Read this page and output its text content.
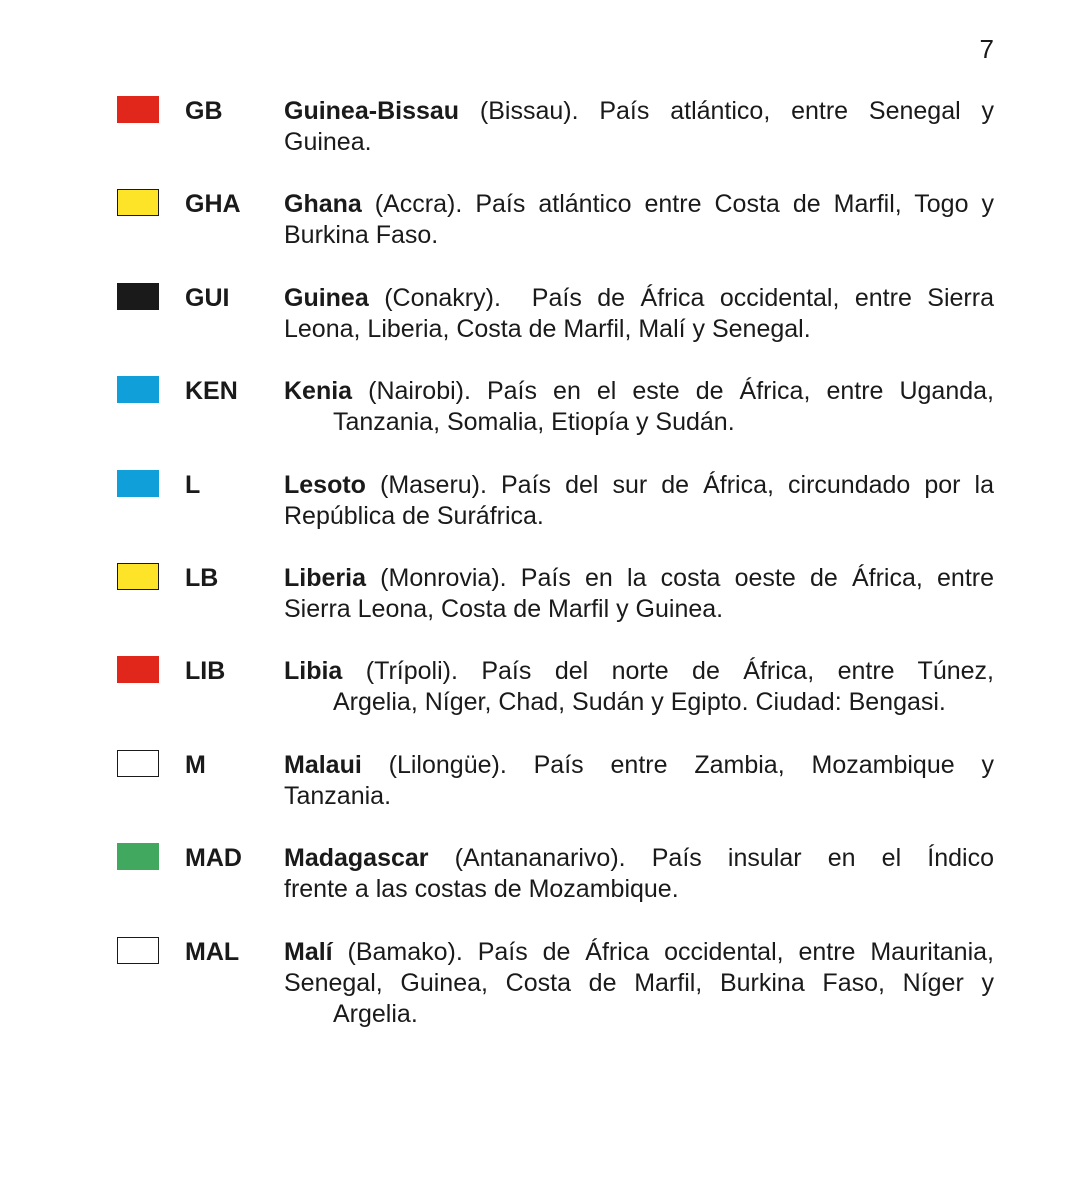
7
GB Guinea-Bissau (Bissau). País atlántico, entre Senegal y
Guinea.
GHA Ghana (Accra). País atlántico entre Costa de Marfil, Togo y
Burkina Faso.
GUI Guinea (Conakry).  País de África occidental, entre Sierra
Leona, Liberia, Costa de Marfil, Malí y Senegal.
KEN Kenia (Nairobi). País en el este de África, entre Uganda,
Tanzania, Somalia, Etiopía y Sudán.
L	Lesoto (Maseru). País del sur de África, circundado por la
República de Suráfrica.
LB	Liberia (Monrovia). País en la costa oeste de África, entre
Sierra Leona, Costa de Marfil y Guinea.
LIB Libia (Trípoli). País del norte de África, entre Túnez,
Argelia, Níger, Chad, Sudán y Egipto. Ciudad: Bengasi.
M	Malaui (Lilongüe). País entre Zambia, Mozambique y
Tanzania.
MAD Madagascar (Antananarivo). País insular en el Índico
frente a las costas de Mozambique.
MAL Malí (Bamako). País de África occidental, entre Mauritania,
Senegal, Guinea, Costa de Marfil, Burkina Faso, Níger y
Argelia.
